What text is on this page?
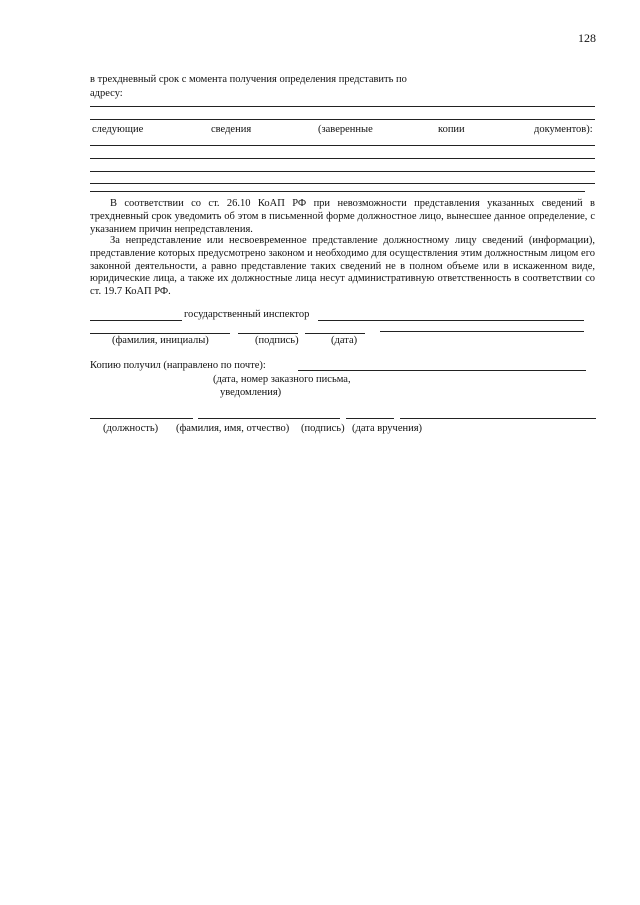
128
в трехдневный срок с момента получения определения представить по
адресу:
следующие	сведения	(заверенные	копии	документов):
В соответствии со ст. 26.10 КоАП РФ при невозможности представления указанных сведений в трехдневный срок уведомить об этом в письменной форме должностное лицо, вынесшее данное определение, с указанием причин непредставления.
За непредставление или несвоевременное представление должностному лицу сведений (информации), представление которых предусмотрено законом и необходимо для осуществления этим должностным лицом его законной деятельности, а равно представление таких сведений не в полном объеме или в искаженном виде, юридические лица, а также их должностные лица несут административную ответственность в соответствии со ст. 19.7 КоАП РФ.
государственный инспектор
(фамилия, инициалы)	(подпись)	(дата)
Копию получил (направлено по почте):
(дата, номер заказного письма,
уведомления)
(должность) (фамилия, имя, отчество) (подпись) (дата вручения)
